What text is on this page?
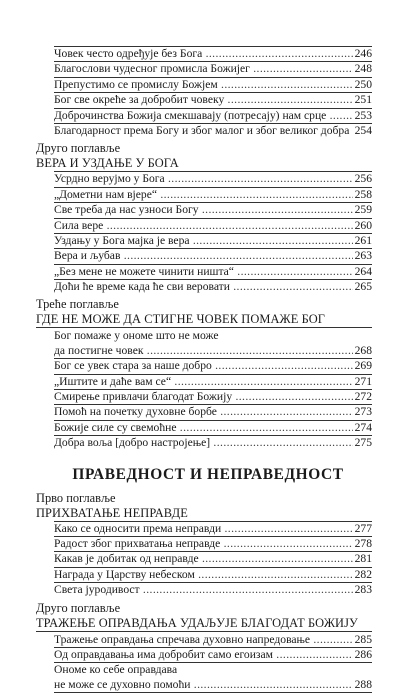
Човек често одређује без Бога .....	246
Благослови чудесног промисла Божијег .....	248
Препустимо се промислу Божјем .....	250
Бог све окреће за добробит човеку .....	251
Доброчинства Божија смекшавају (потресају) нам срце .....	253
Благодарност према Богу и због малог и због великог добра ..... 254
Друго поглавље
ВЕРА И УЗДАЊЕ У БОГА
Усрдно верујмо у Бога .....	256
„Дометни нам вјере“ .....	258
Све треба да нас узноси Богу .....	259
Сила вере .....	260
Уздању у Бога мајка је вера .....	261
Вера и љубав .....	263
„Без мене не можете чинити ништа“ .....	264
Доћи ће време када ће сви веровати .....	265
Треће поглавље
ГДЕ НЕ МОЖЕ ДА СТИГНЕ ЧОВЕК ПОМАЖЕ БОГ
Бог помаже у ономе што не може
да постигне човек .....	268
Бог се увек стара за наше добро .....	269
„Иштите и даће вам се“ .....	271
Смирење привлачи благодат Божију .....	272
Помоћ на почетку духовне борбе .....	273
Божије силе су свемоћне .....	274
Добра воља [добро настројење] .....	275
ПРАВЕДНОСТ И НЕПРАВЕДНОСТ
Прво поглавље
ПРИХВАТАЊЕ НЕПРАВДЕ
Како се односити према неправди .....	277
Радост због прихватања неправде .....	278
Какав је добитак од неправде .....	281
Награда у Царству небеском .....	282
Света јуродивост .....	283
Друго поглавље
ТРАЖЕЊЕ ОПРАВДАЊА УДАЉУЈЕ БЛАГОДАТ БОЖИЈУ
Тражење оправдања спречава духовно напредовање .....	285
Од оправдавања има добробит само егоизам .....	286
Ономе ко себе оправдава
не може се духовно помоћи .....	288
